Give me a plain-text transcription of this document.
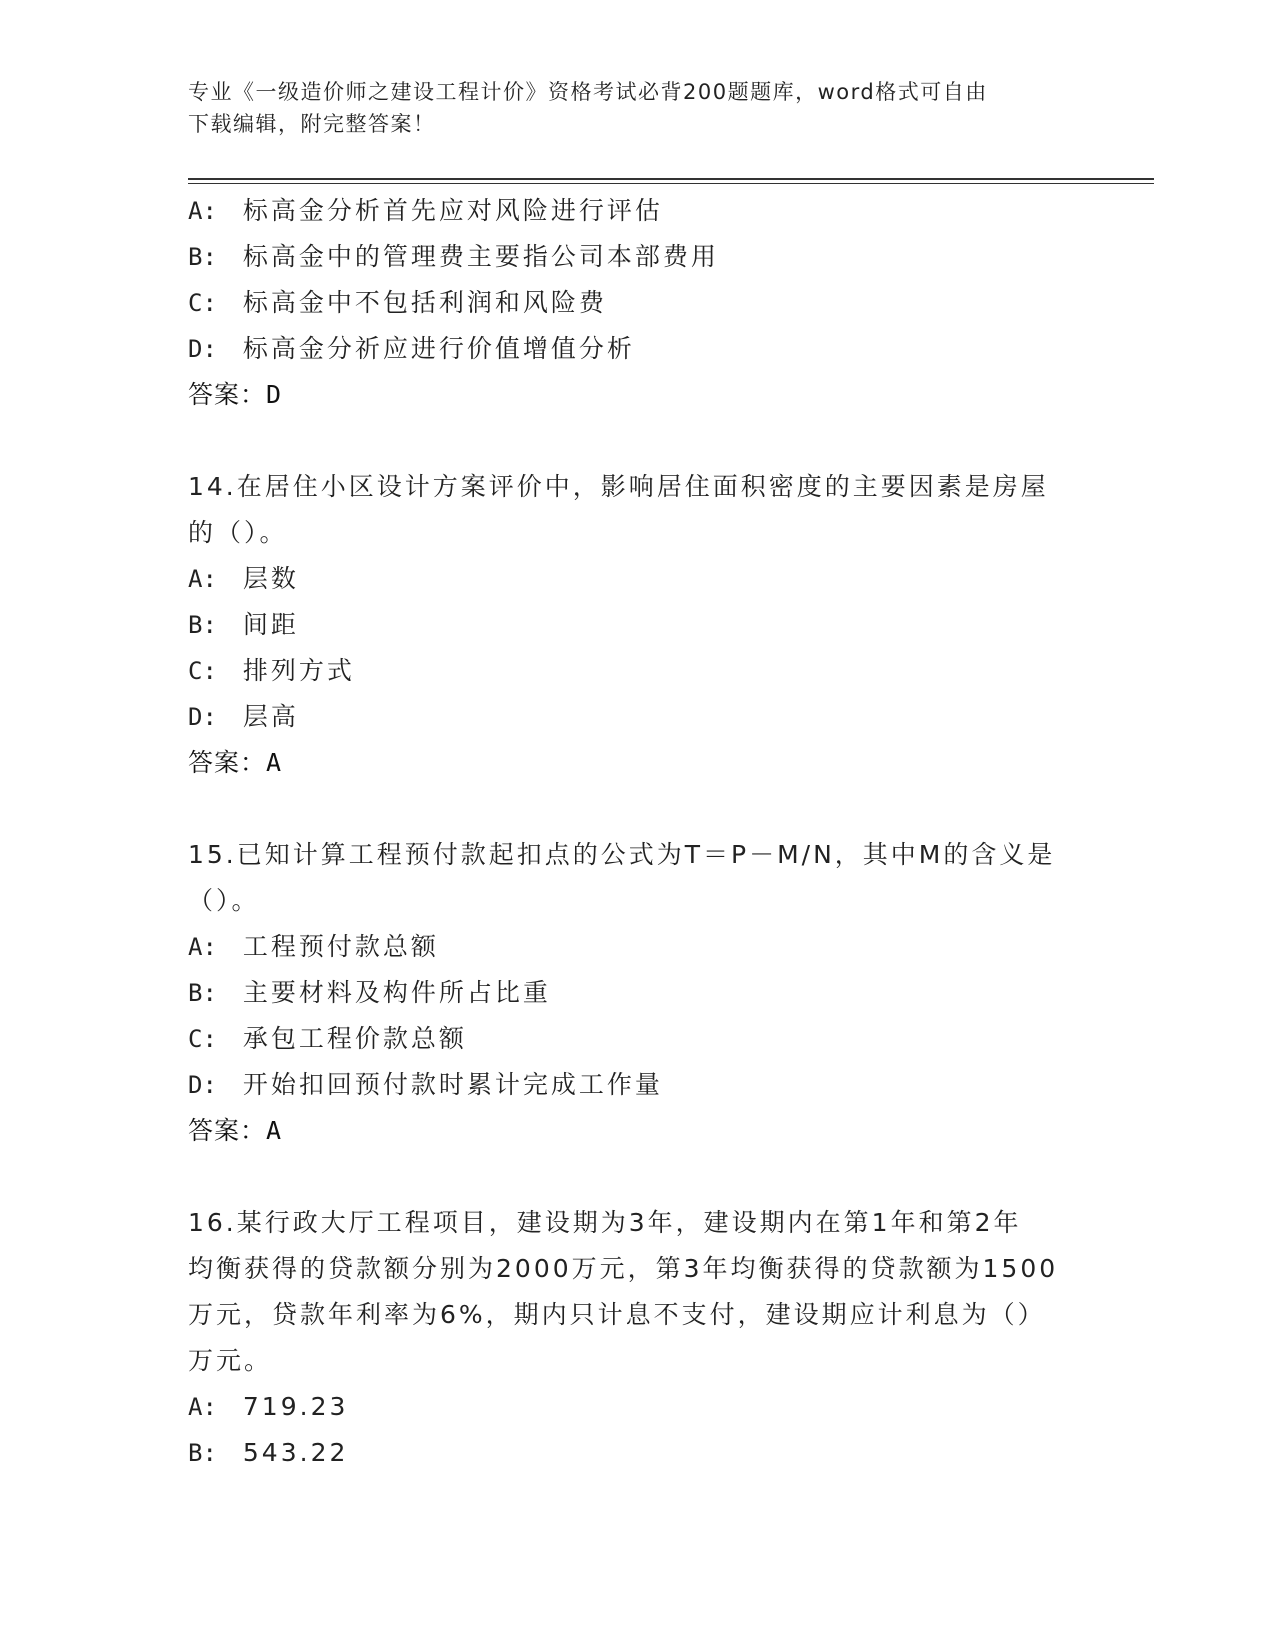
专业《一级造价师之建设工程计价》资格考试必背200题题库，word格式可自由
下载编辑，附完整答案！
A: 标高金分析首先应对风险进行评估
B: 标高金中的管理费主要指公司本部费用
C: 标高金中不包括利润和风险费
D: 标高金分祈应进行价值增值分析
答案：D
14.在居住小区设计方案评价中，影响居住面积密度的主要因素是房屋
的（）。
A: 层数
B: 间距
C: 排列方式
D: 层高
答案：A
15.已知计算工程预付款起扣点的公式为T＝P－M/N，其中M的含义是
（）。
A: 工程预付款总额
B: 主要材料及构件所占比重
C: 承包工程价款总额
D: 开始扣回预付款时累计完成工作量
答案：A
16.某行政大厅工程项目，建设期为3年，建设期内在第1年和第2年
均衡获得的贷款额分别为2000万元，第3年均衡获得的贷款额为1500
万元，贷款年利率为6%，期内只计息不支付，建设期应计利息为（）
万元。
A: 719.23
B: 543.22
